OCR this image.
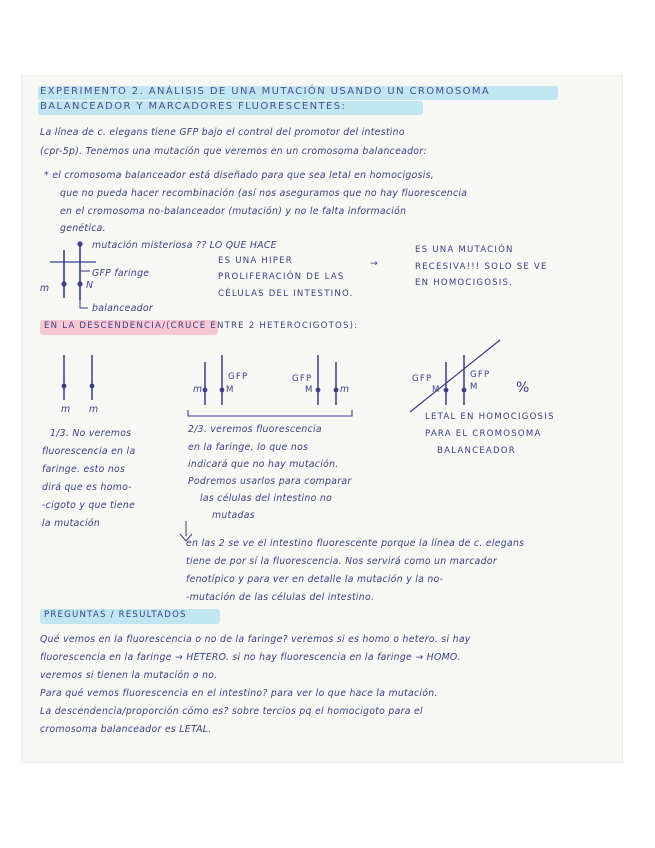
EXPERIMENTO 2. ANÁLISIS DE UNA MUTACIÓN USANDO UN CROMOSOMA
BALANCEADOR Y MARCADORES FLUORESCENTES:
La línea de c. elegans tiene GFP bajo el control del promotor del intestino
(cpr-5p). Tenemos una mutación que veremos en un cromosoma balanceador:
* el cromosoma balanceador está diseñado para que sea letal en homocigosis,
que no pueda hacer recombinación (así nos aseguramos que no hay fluorescencia
en el cromosoma no-balanceador (mutación) y no le falta información
genética.
mutación misteriosa ?? LO QUE HACE
GFP faringe
N
m
balanceador
ES UNA HIPER
PROLIFERACIÓN DE LAS
CÉLULAS DEL INTESTINO.
→
ES UNA MUTACIÓN
RECESIVA!!! SOLO SE VE
EN HOMOCIGOSIS.
EN LA DESCENDENCIA/(CRUCE ENTRE 2 HETEROCIGOTOS):
m m
m
GFP
M
GFP
M	m
GFP
M
GFP
M	%
1/3. No veremos
fluorescencia en la
faringe. esto nos
dirá que es homo-
-cigoto y que tiene
la mutación
2/3. veremos fluorescencia
en la faringe, lo que nos
indicará que no hay mutación.
Podremos usarlos para comparar
las células del intestino no
mutadas
LETAL EN HOMOCIGOSIS
PARA EL CROMOSOMA
BALANCEADOR
en las 2 se ve el intestino fluorescente porque la línea de c. elegans
tiene de por sí la fluorescencia. Nos servirá como un marcador
fenotípico y para ver en detalle la mutación y la no-
-mutación de las células del intestino.
PREGUNTAS / RESULTADOS
Qué vemos en la fluorescencia o no de la faringe? veremos si es homo o hetero. si hay
fluorescencia en la faringe → HETERO. si no hay fluorescencia en la faringe → HOMO.
veremos si tienen la mutación o no.
Para qué vemos fluorescencia en el intestino? para ver lo que hace la mutación.
La descendencia/proporción cómo es? sobre tercios pq el homocigoto para el
cromosoma balanceador es LETAL.
